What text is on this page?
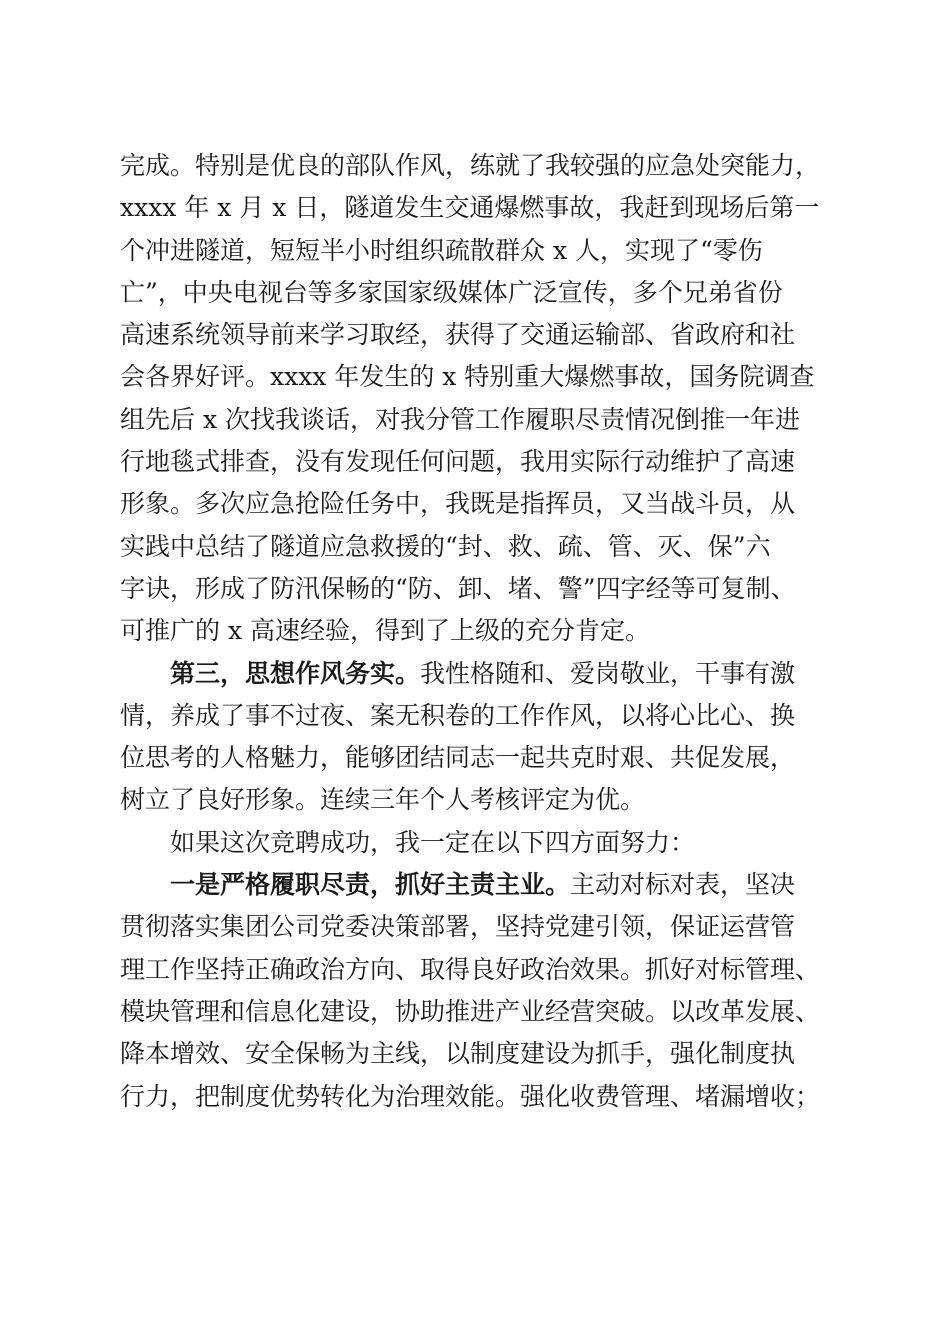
完成。特别是优良的部队作风，练就了我较强的应急处突能力，
xxxx 年 x 月 x 日，隧道发生交通爆燃事故，我赶到现场后第一
个冲进隧道，短短半小时组织疏散群众 x 人，实现了“零伤
亡”，中央电视台等多家国家级媒体广泛宣传，多个兄弟省份
高速系统领导前来学习取经，获得了交通运输部、省政府和社
会各界好评。xxxx 年发生的 x 特别重大爆燃事故，国务院调查
组先后 x 次找我谈话，对我分管工作履职尽责情况倒推一年进
行地毯式排查，没有发现任何问题，我用实际行动维护了高速
形象。多次应急抢险任务中，我既是指挥员，又当战斗员，从
实践中总结了隧道应急救援的“封、救、疏、管、灭、保”六
字诀，形成了防汛保畅的“防、卸、堵、警”四字经等可复制、
可推广的 x 高速经验，得到了上级的充分肯定。
第三，思想作风务实。我性格随和、爱岗敬业，干事有激
情，养成了事不过夜、案无积卷的工作作风，以将心比心、换
位思考的人格魅力，能够团结同志一起共克时艰、共促发展，
树立了良好形象。连续三年个人考核评定为优。
如果这次竞聘成功，我一定在以下四方面努力：
一是严格履职尽责，抓好主责主业。主动对标对表，坚决
贯彻落实集团公司党委决策部署，坚持党建引领，保证运营管
理工作坚持正确政治方向、取得良好政治效果。抓好对标管理、
模块管理和信息化建设，协助推进产业经营突破。以改革发展、
降本增效、安全保畅为主线，以制度建设为抓手，强化制度执
行力，把制度优势转化为治理效能。强化收费管理、堵漏增收；
